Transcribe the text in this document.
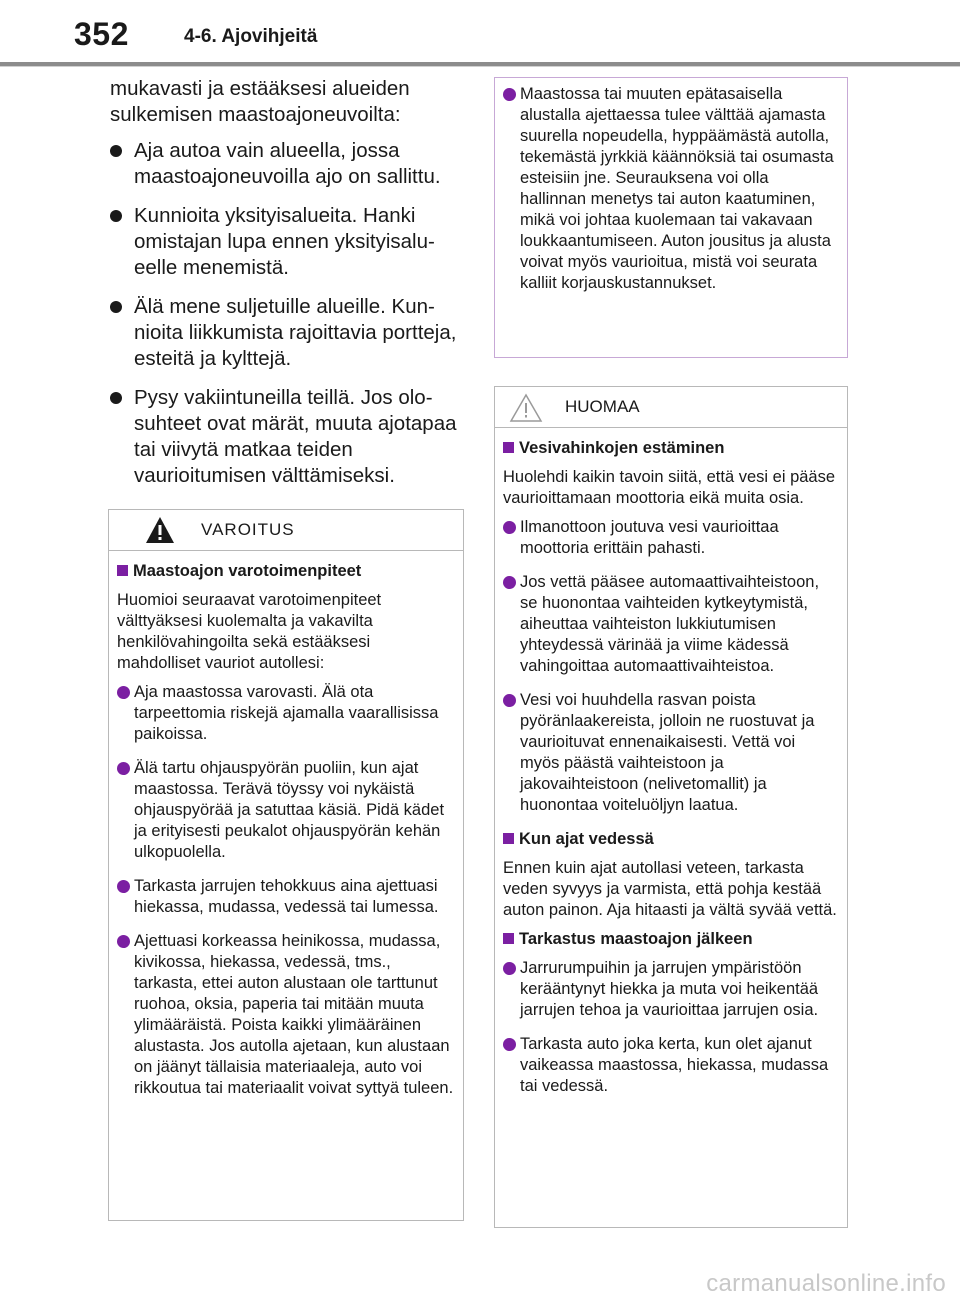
352	4-6. Ajovihjeitä

mukavasti ja estääksesi alueiden sulkemisen maastoajoneuvoilta:

Aja autoa vain alueella, jossa maastoajoneuvoilla ajo on sallittu.
Kunnioita yksityisalueita. Hanki omistajan lupa ennen yksityisalueelle menemistä.
Älä mene suljetuille alueille. Kunnioita liikkumista rajoittavia portteja, esteitä ja kylttejä.
Pysy vakiintuneilla teillä. Jos olosuhteet ovat märät, muuta ajotapaa tai viivytä matkaa teiden vaurioitumisen välttämiseksi.
VAROITUS
Maastoajon varotoimenpiteet

Huomioi seuraavat varotoimenpiteet välttyäksesi kuolemalta ja vakavilta henkilövahingoilta sekä estääksesi mahdolliset vauriot autollesi:

Aja maastossa varovasti. Älä ota tarpeettomia riskejä ajamalla vaarallisissa paikoissa.
Älä tartu ohjauspyörän puoliin, kun ajat maastossa. Terävä töyssy voi nykäistä ohjauspyörää ja satuttaa käsiä. Pidä kädet ja erityisesti peukalot ohjauspyörän kehän ulkopuolella.
Tarkasta jarrujen tehokkuus aina ajettuasi hiekassa, mudassa, vedessä tai lumessa.
Ajettuasi korkeassa heinikossa, mudassa, kivikossa, hiekassa, vedessä, tms., tarkasta, ettei auton alustaan ole tarttunut ruohoa, oksia, paperia tai mitään muuta ylimääräistä. Poista kaikki ylimääräinen alustasta. Jos autolla ajetaan, kun alustaan on jäänyt tällaisia materiaaleja, auto voi rikkoutua tai materiaalit voivat syttyä tuleen.
Maastossa tai muuten epätasaisella alustalla ajettaessa tulee välttää ajamasta suurella nopeudella, hyppäämästä autolla, tekemästä jyrkkiä käännöksiä tai osumasta esteisiin jne. Seurauksena voi olla hallinnan menetys tai auton kaatuminen, mikä voi johtaa kuolemaan tai vakavaan loukkaantumiseen. Auton jousitus ja alusta voivat myös vaurioitua, mistä voi seurata kalliit korjauskustannukset.
HUOMAA
Vesivahinkojen estäminen

Huolehdi kaikin tavoin siitä, että vesi ei pääse vaurioittamaan moottoria eikä muita osia.

Ilmanottoon joutuva vesi vaurioittaa moottoria erittäin pahasti.
Jos vettä pääsee automaattivaihteistoon, se huonontaa vaihteiden kytkeytymistä, aiheuttaa vaihteiston lukkiutumisen yhteydessä värinää ja viime kädessä vahingoittaa automaattivaihteistoa.
Vesi voi huuhdella rasvan poista pyöränlaakereista, jolloin ne ruostuvat ja vaurioituvat ennenaikaisesti. Vettä voi myös päästä vaihteistoon ja jakovaihteistoon (nelivetomallit) ja huonontaa voiteluöljyn laatua.
Kun ajat vedessä

Ennen kuin ajat autollasi veteen, tarkasta veden syvyys ja varmista, että pohja kestää auton painon. Aja hitaasti ja vältä syvää vettä.

Tarkastus maastoajon jälkeen
Jarrurumpuihin ja jarrujen ympäristöön kerääntynyt hiekka ja muta voi heikentää jarrujen tehoa ja vaurioittaa jarrujen osia.
Tarkasta auto joka kerta, kun olet ajanut vaikeassa maastossa, hiekassa, mudassa tai vedessä.
carmanualsonline.info
